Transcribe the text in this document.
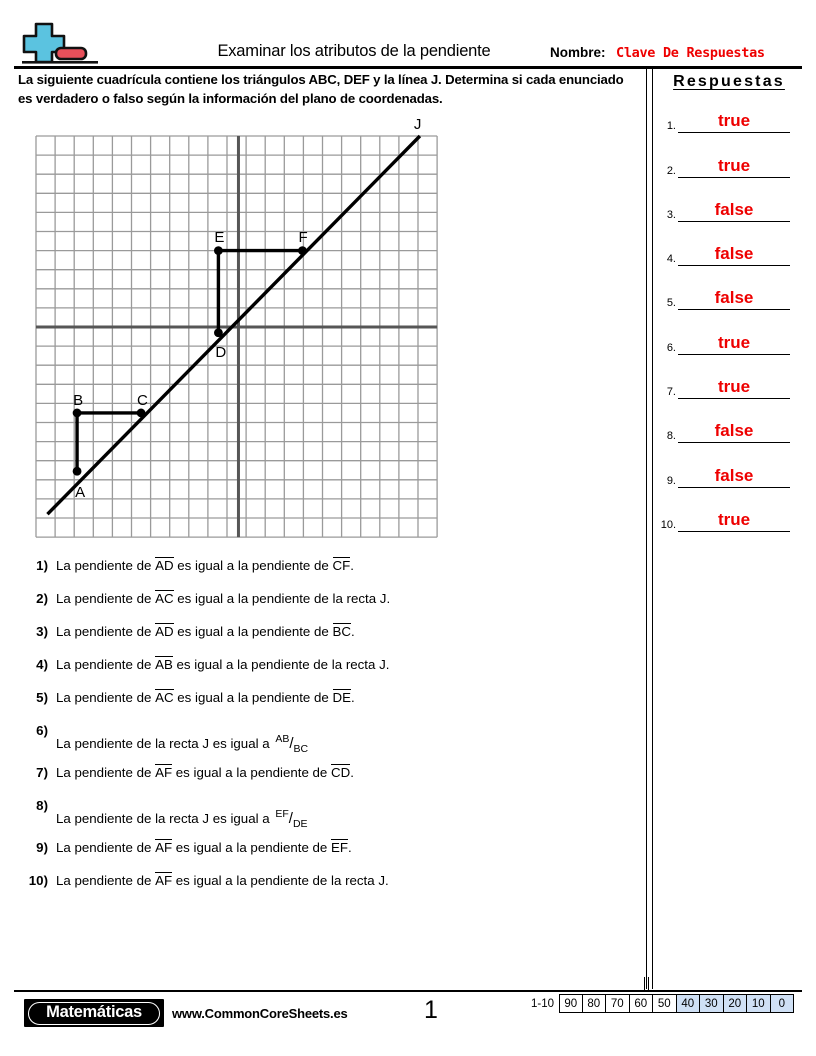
Examinar los atributos de la pendiente	Nombre: Clave De Respuestas
La siguiente cuadrícula contiene los triángulos ABC, DEF y la línea J. Determina si cada enunciado es verdadero o falso según la información del plano de coordenadas.
Respuestas
1.	true
2.	true
3.	false
4.	false
5.	false
6.	true
7.	true
8.	false
9.	false
10.	true
A
B	C
D
E	F
J
1) La pendiente de AD es igual a la pendiente de CF.
2) La pendiente de AC es igual a la pendiente de la recta J.
3) La pendiente de AD es igual a la pendiente de BC.
4) La pendiente de AB es igual a la pendiente de la recta J.
5) La pendiente de AC es igual a la pendiente de DE.
6)
La pendiente de la recta J es igual a $^{AB}/_{BC}$
7) La pendiente de AF es igual a la pendiente de CD.
8)
La pendiente de la recta J es igual a $^{EF}/_{DE}$
9) La pendiente de AF es igual a la pendiente de EF.
10) La pendiente de AF es igual a la pendiente de la recta J.
Matemáticas	www.CommonCoreSheets.es	1	1-10 90 80 70 60 50 40 30 20 10	0
